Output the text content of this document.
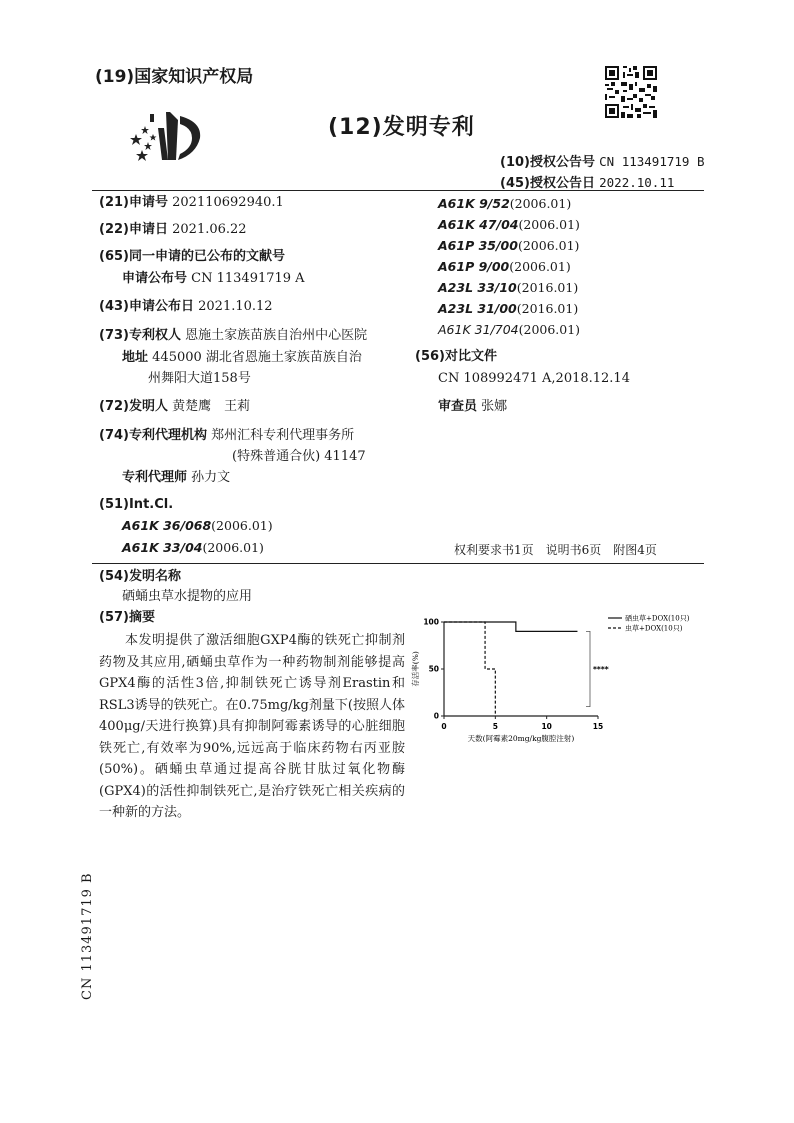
(19)国家知识产权局
(12)发明专利
(10)授权公告号 CN 113491719 B
(45)授权公告日 2022.10.11
(21)申请号 202110692940.1
(22)申请日 2021.06.22
(65)同一申请的已公布的文献号
申请公布号 CN 113491719 A
(43)申请公布日 2021.10.12
(73)专利权人 恩施土家族苗族自治州中心医院
地址 445000 湖北省恩施土家族苗族自治
州舞阳大道158号
(72)发明人 黄楚鹰　王莉
(74)专利代理机构 郑州汇科专利代理事务所
(特殊普通合伙) 41147
专利代理师 孙力文
(51)Int.Cl.
A61K 36/068(2006.01)
A61K 33/04(2006.01)
A61K 9/52(2006.01)
A61K 47/04(2006.01)
A61P 35/00(2006.01)
A61P 9/00(2006.01)
A23L 33/10(2016.01)
A23L 31/00(2016.01)
A61K 31/704(2006.01)
(56)对比文件
CN 108992471 A,2018.12.14
审查员 张娜
权利要求书1页　说明书6页　附图4页
(54)发明名称
硒蛹虫草水提物的应用
(57)摘要
本发明提供了激活细胞GXP4酶的铁死亡抑制剂药物及其应用,硒蛹虫草作为一种药物制剂能够提高GPX4酶的活性3倍,抑制铁死亡诱导剂Erastin和RSL3诱导的铁死亡。在0.75mg/kg剂量下(按照人体400μg/天进行换算)具有抑制阿霉素诱导的心脏细胞铁死亡,有效率为90%,远远高于临床药物右丙亚胺(50%)。硒蛹虫草通过提高谷胱甘肽过氧化物酶(GPX4)的活性抑制铁死亡,是治疗铁死亡相关疾病的一种新的方法。
0	5	10	15
0
50
100
天数(阿霉素20mg/kg腹腔注射)
存活率(%)
硒虫草+DOX(10只)
虫草+DOX(10只)
****
CN 113491719 B
